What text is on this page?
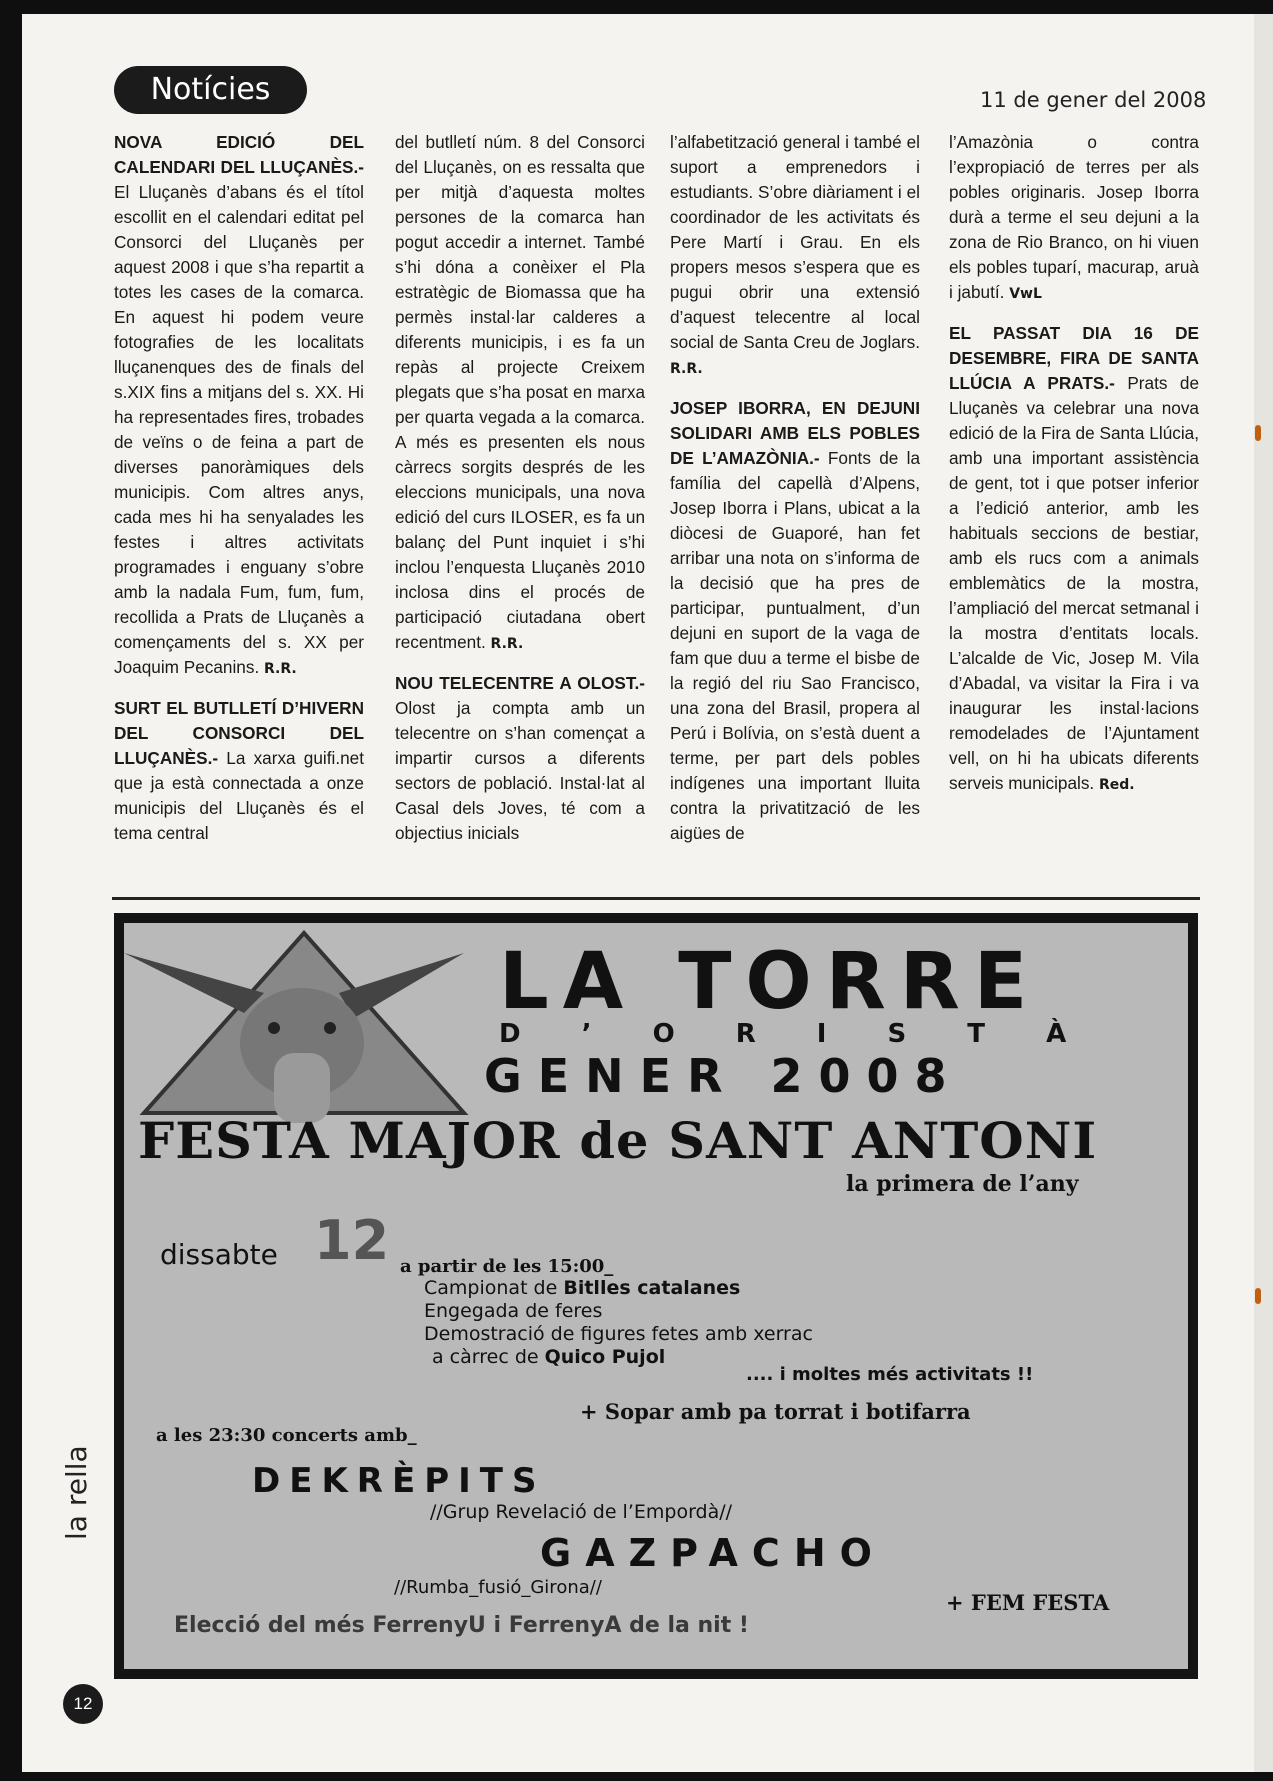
Notícies	11 de gener del 2008

NOVA EDICIÓ DEL CALENDARI DEL LLUÇANÈS.- El Lluçanès d’abans és el títol escollit en el calendari editat pel Consorci del Lluçanès per aquest 2008 i que s’ha repartit a totes les cases de la comarca. En aquest hi podem veure fotografies de les localitats lluçanenques des de finals del s.XIX fins a mitjans del s. XX. Hi ha representades fires, trobades de veïns o de feina a part de diverses panoràmiques dels municipis. Com altres anys, cada mes hi ha senyalades les festes i altres activitats programades i enguany s’obre amb la nadala Fum, fum, fum, recollida a Prats de Lluçanès a començaments del s. XX per Joaquim Pecanins. R.R.

SURT EL BUTLLETÍ D’HIVERN DEL CONSORCI DEL LLUÇANÈS.- La xarxa guifi.net que ja està connectada a onze municipis del Lluçanès és el tema central

del butlletí núm. 8 del Consorci del Lluçanès, on es ressalta que per mitjà d’aquesta moltes persones de la comarca han pogut accedir a internet. També s’hi dóna a conèixer el Pla estratègic de Biomassa que ha permès instal·lar calderes a diferents municipis, i es fa un repàs al projecte Creixem plegats que s’ha posat en marxa per quarta vegada a la comarca. A més es presenten els nous càrrecs sorgits després de les eleccions municipals, una nova edició del curs ILOSER, es fa un balanç del Punt inquiet i s’hi inclou l’enquesta Lluçanès 2010 inclosa dins el procés de participació ciutadana obert recentment. R.R.

NOU TELECENTRE A OLOST.- Olost ja compta amb un telecentre on s’han començat a impartir cursos a diferents sectors de població. Instal·lat al Casal dels Joves, té com a objectius inicials

l’alfabetització general i també el suport a emprenedors i estudiants. S’obre diàriament i el coordinador de les activitats és Pere Martí i Grau. En els propers mesos s’espera que es pugui obrir una extensió d’aquest telecentre al local social de Santa Creu de Joglars. R.R.

JOSEP IBORRA, EN DEJUNI SOLIDARI AMB ELS POBLES DE L’AMAZÒNIA.- Fonts de la família del capellà d’Alpens, Josep Iborra i Plans, ubicat a la diòcesi de Guaporé, han fet arribar una nota on s’informa de la decisió que ha pres de participar, puntualment, d’un dejuni en suport de la vaga de fam que duu a terme el bisbe de la regió del riu Sao Francisco, una zona del Brasil, propera al Perú i Bolívia, on s’està duent a terme, per part dels pobles indígenes una important lluita contra la privatització de les aigües de

l’Amazònia o contra l’expropiació de terres per als pobles originaris. Josep Iborra durà a terme el seu dejuni a la zona de Rio Branco, on hi viuen els pobles tuparí, macurap, aruà i jabutí. VwL

EL PASSAT DIA 16 DE DESEMBRE, FIRA DE SANTA LLÚCIA A PRATS.- Prats de Lluçanès va celebrar una nova edició de la Fira de Santa Llúcia, amb una important assistència de gent, tot i que potser inferior a l’edició anterior, amb les habituals seccions de bestiar, amb els rucs com a animals emblemàtics de la mostra, l’ampliació del mercat setmanal i la mostra d’entitats locals. L’alcalde de Vic, Josep M. Vila d’Abadal, va visitar la Fira i va inaugurar les instal·lacions remodelades de l’Ajuntament vell, on hi ha ubicats diferents serveis municipals. Red.

LA TORRE
D ’ O R I S T À
GENER 2008
FESTA MAJOR de SANT ANTONI
la primera de l’any
dissabte 12 a partir de les 15:00_
Campionat de Bitlles catalanes
Engegada de feres
Demostració de figures fetes amb xerrac
a càrrec de Quico Pujol
.... i moltes més activitats !!
+ Sopar amb pa torrat i botifarra
a les 23:30 concerts amb_
DEKRÈPITS
//Grup Revelació de l’Empordà//
GAZPACHO
//Rumba_fusió_Girona//
Elecció del més FerrenyU i FerrenyA de la nit !
+ FEM FESTA
la rella
12
